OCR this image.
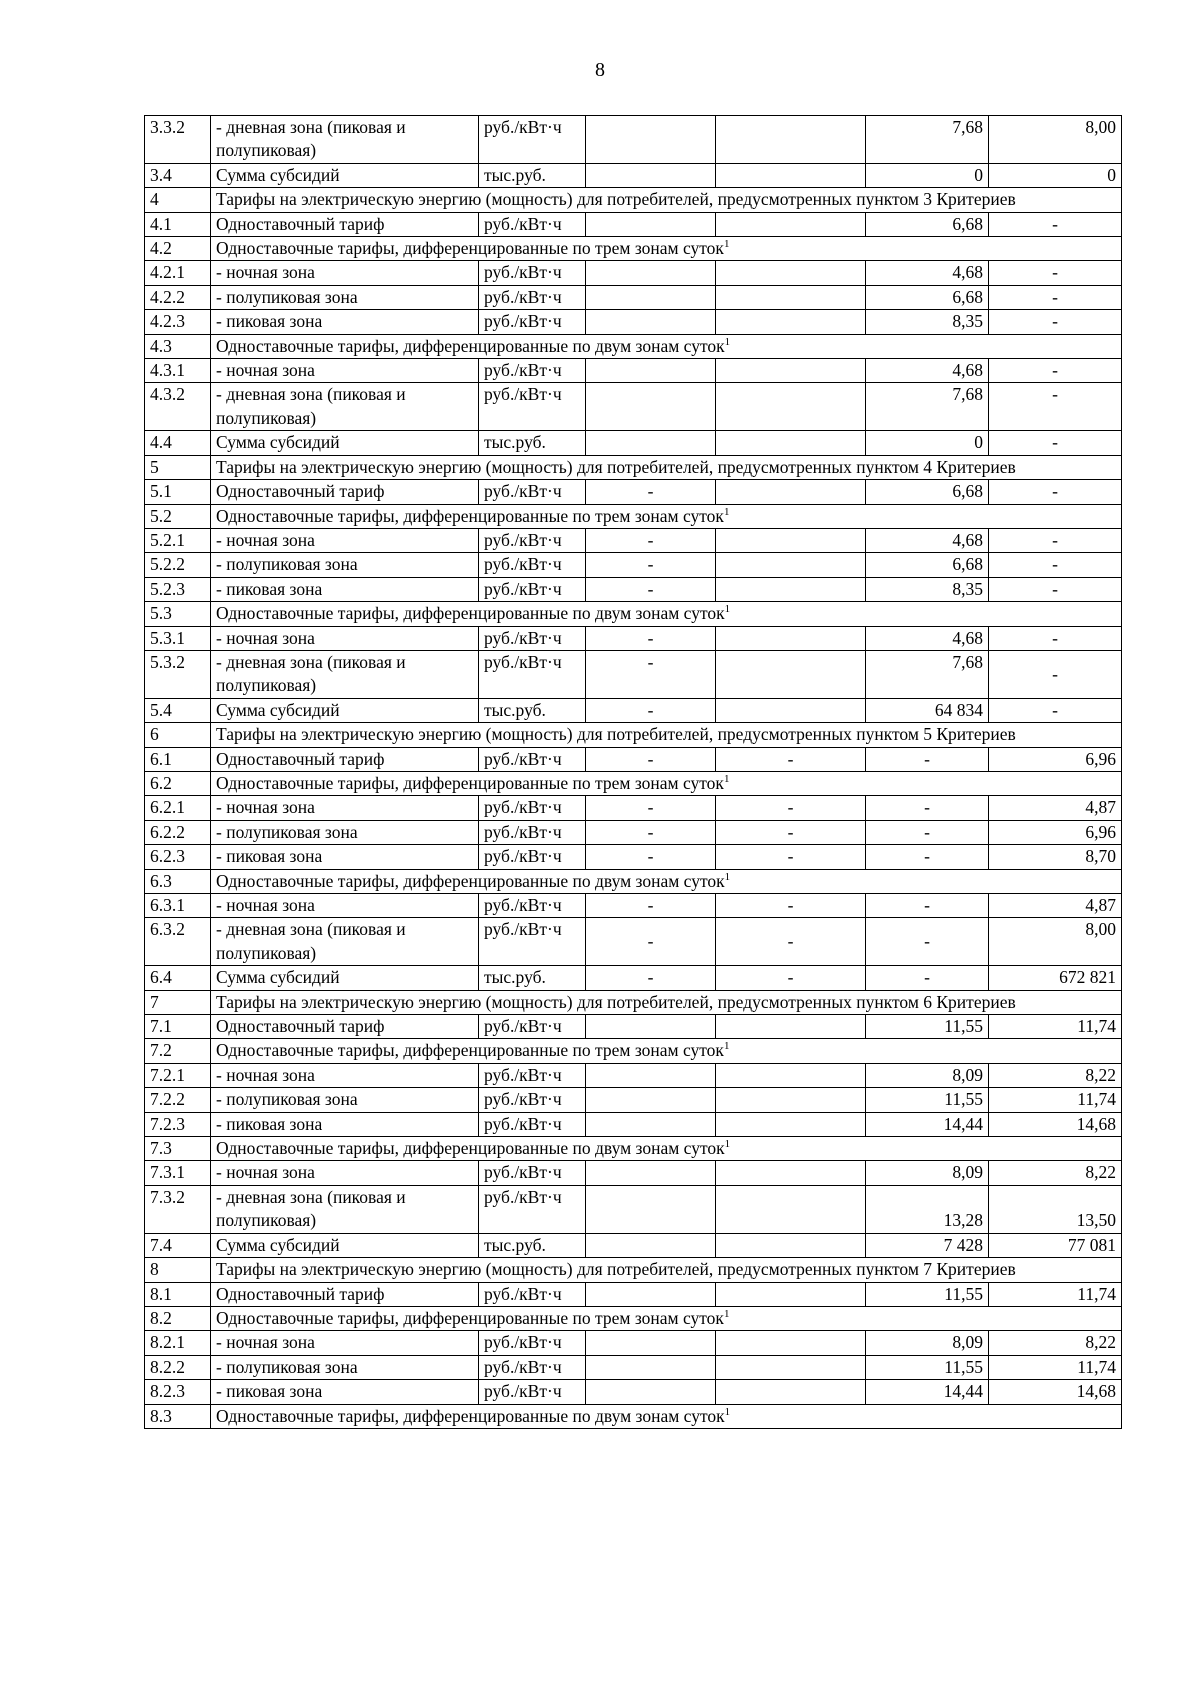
8
3.3.2	- дневная зона (пиковая и полупиковая)	руб./кВт·ч			7,68	8,00
3.4	Сумма субсидий	тыс.руб.			0	0
4	Тарифы на электрическую энергию (мощность) для потребителей, предусмотренных пунктом 3 Критериев					
4.1	Одноставочный тариф	руб./кВт·ч			6,68	-
4.2	Одноставочные тарифы, дифференцированные по трем зонам суток$^1$
4.2.1	- ночная зона	руб./кВт·ч			4,68	-
4.2.2	- полупиковая зона	руб./кВт·ч			6,68	-
4.2.3	- пиковая зона	руб./кВт·ч			8,35	-
4.3	Одноставочные тарифы, дифференцированные по двум зонам суток$^1$
4.3.1	- ночная зона	руб./кВт·ч			4,68	-
4.3.2	- дневная зона (пиковая и полупиковая)	руб./кВт·ч			7,68	-
4.4	Сумма субсидий	тыс.руб.			0	-
5	Тарифы на электрическую энергию (мощность) для потребителей, предусмотренных пунктом 4 Критериев					
5.1	Одноставочный тариф	руб./кВт·ч	-		6,68	-
5.2	Одноставочные тарифы, дифференцированные по трем зонам суток$^1$
5.2.1	- ночная зона	руб./кВт·ч	-		4,68	-
5.2.2	- полупиковая зона	руб./кВт·ч	-		6,68	-
5.2.3	- пиковая зона	руб./кВт·ч	-		8,35	-
5.3	Одноставочные тарифы, дифференцированные по двум зонам суток$^1$
5.3.1	- ночная зона	руб./кВт·ч	-		4,68	-
5.3.2	- дневная зона (пиковая и полупиковая)	руб./кВт·ч	-		7,68	-
5.4	Сумма субсидий	тыс.руб.	-		64 834	-
6	Тарифы на электрическую энергию (мощность) для потребителей, предусмотренных пунктом 5 Критериев					
6.1	Одноставочный тариф	руб./кВт·ч	-	-	-	6,96
6.2	Одноставочные тарифы, дифференцированные по трем зонам суток$^1$
6.2.1	- ночная зона	руб./кВт·ч	-	-	-	4,87
6.2.2	- полупиковая зона	руб./кВт·ч	-	-	-	6,96
6.2.3	- пиковая зона	руб./кВт·ч	-	-	-	8,70
6.3	Одноставочные тарифы, дифференцированные по двум зонам суток$^1$
6.3.1	- ночная зона	руб./кВт·ч	-	-	-	4,87
6.3.2	- дневная зона (пиковая и полупиковая)	руб./кВт·ч	-	-	-	8,00
6.4	Сумма субсидий	тыс.руб.	-	-	-	672 821
7	Тарифы на электрическую энергию (мощность) для потребителей, предусмотренных пунктом 6 Критериев					
7.1	Одноставочный тариф	руб./кВт·ч			11,55	11,74
7.2	Одноставочные тарифы, дифференцированные по трем зонам суток$^1$
7.2.1	- ночная зона	руб./кВт·ч			8,09	8,22
7.2.2	- полупиковая зона	руб./кВт·ч			11,55	11,74
7.2.3	- пиковая зона	руб./кВт·ч			14,44	14,68
7.3	Одноставочные тарифы, дифференцированные по двум зонам суток$^1$
7.3.1	- ночная зона	руб./кВт·ч			8,09	8,22
7.3.2	- дневная зона (пиковая и полупиковая)	руб./кВт·ч			13,28	13,50
7.4	Сумма субсидий	тыс.руб.			7 428	77 081
8	Тарифы на электрическую энергию (мощность) для потребителей, предусмотренных пунктом 7 Критериев					
8.1	Одноставочный тариф	руб./кВт·ч			11,55	11,74
8.2	Одноставочные тарифы, дифференцированные по трем зонам суток$^1$
8.2.1	- ночная зона	руб./кВт·ч			8,09	8,22
8.2.2	- полупиковая зона	руб./кВт·ч			11,55	11,74
8.2.3	- пиковая зона	руб./кВт·ч			14,44	14,68
8.3	Одноставочные тарифы, дифференцированные по двум зонам суток$^1$
